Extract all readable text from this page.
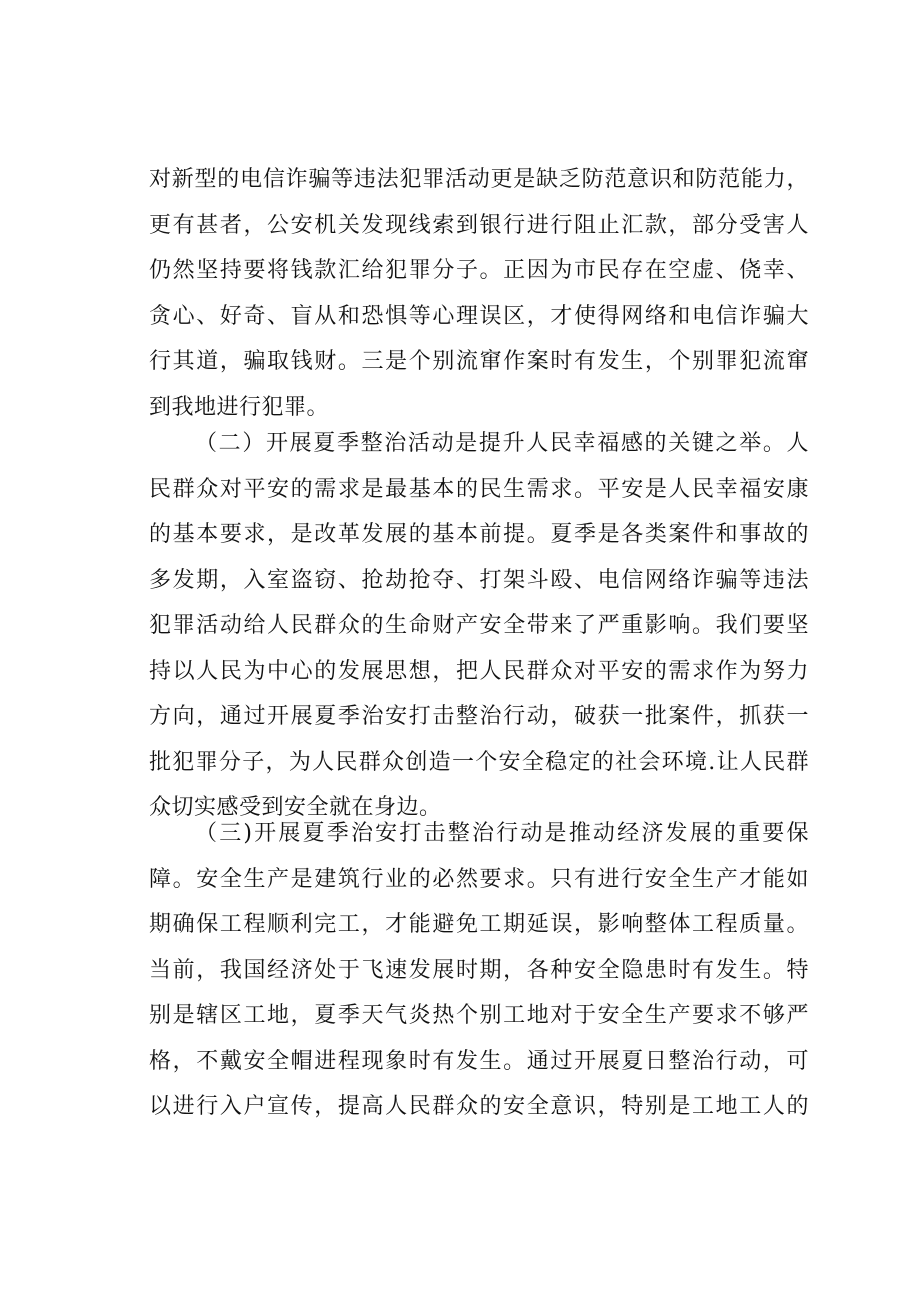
对新型的电信诈骗等违法犯罪活动更是缺乏防范意识和防范能力，
更有甚者，公安机关发现线索到银行进行阻止汇款，部分受害人
仍然坚持要将钱款汇给犯罪分子。正因为市民存在空虚、侥幸、
贪心、好奇、盲从和恐惧等心理误区，才使得网络和电信诈骗大
行其道，骗取钱财。三是个别流窜作案时有发生，个别罪犯流窜
到我地进行犯罪。
（二）开展夏季整治活动是提升人民幸福感的关键之举。人
民群众对平安的需求是最基本的民生需求。平安是人民幸福安康
的基本要求，是改革发展的基本前提。夏季是各类案件和事故的
多发期，入室盗窃、抢劫抢夺、打架斗殴、电信网络诈骗等违法
犯罪活动给人民群众的生命财产安全带来了严重影响。我们要坚
持以人民为中心的发展思想，把人民群众对平安的需求作为努力
方向，通过开展夏季治安打击整治行动，破获一批案件，抓获一
批犯罪分子，为人民群众创造一个安全稳定的社会环境.让人民群
众切实感受到安全就在身边。
（三)开展夏季治安打击整治行动是推动经济发展的重要保
障。安全生产是建筑行业的必然要求。只有进行安全生产才能如
期确保工程顺利完工，才能避免工期延误，影响整体工程质量。
当前，我国经济处于飞速发展时期，各种安全隐患时有发生。特
别是辖区工地，夏季天气炎热个别工地对于安全生产要求不够严
格，不戴安全帽进程现象时有发生。通过开展夏日整治行动，可
以进行入户宣传，提高人民群众的安全意识，特别是工地工人的
